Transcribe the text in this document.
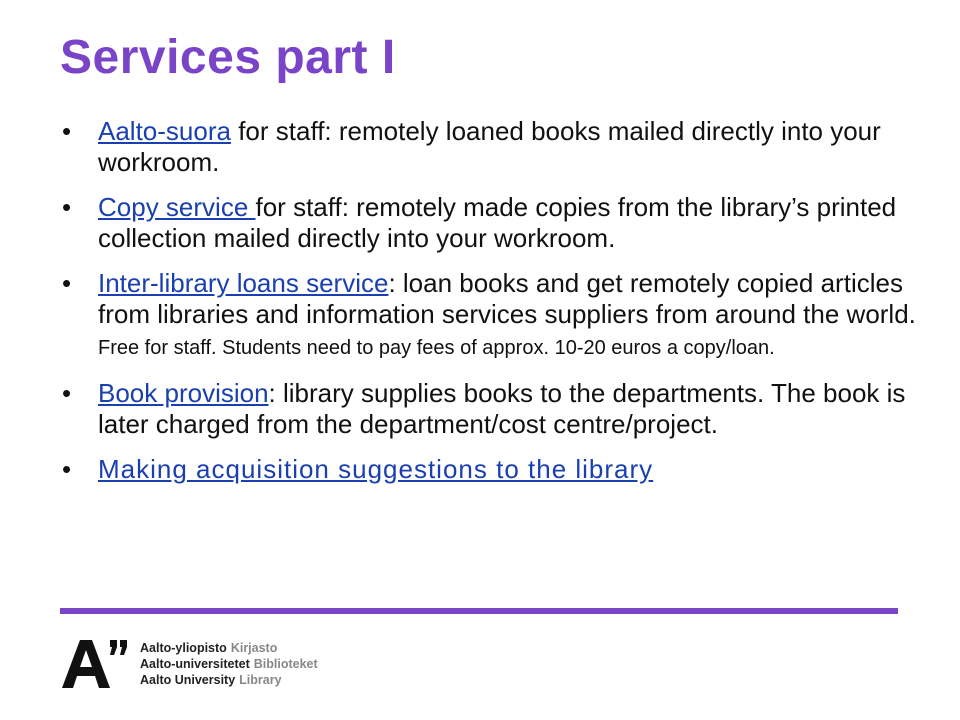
Services part I
• Aalto-suora for staff: remotely loaned books mailed directly into your workroom.
• Copy service for staff: remotely made copies from the library’s printed collection mailed directly into your workroom.
• Inter-library loans service: loan books and get remotely copied articles from libraries and information services suppliers from around the world. Free for staff. Students need to pay fees of approx. 10-20 euros a copy/loan.
• Book provision: library supplies books to the departments. The book is later charged from the department/cost centre/project.
• Making acquisition suggestions to the library
Aalto-yliopisto Kirjasto
Aalto-universitetet Biblioteket
Aalto University Library
